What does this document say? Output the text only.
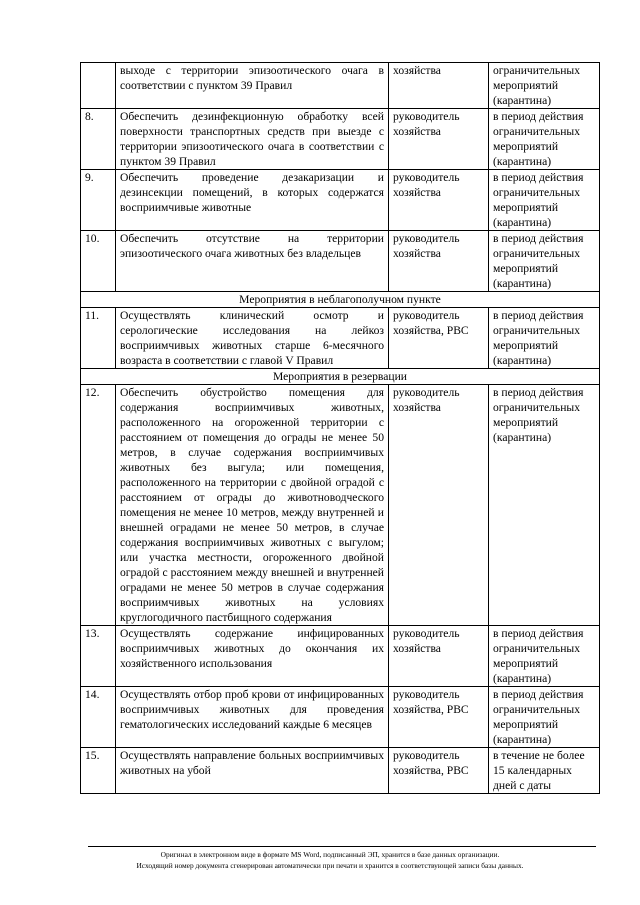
	выходе с территории эпизоотического очага в соответствии с пунктом 39 Правил	хозяйства	ограничительных мероприятий (карантина)
8.	Обеспечить дезинфекционную обработку всей поверхности транспортных средств при выезде с территории эпизоотического очага в соответствии с пунктом 39 Правил	руководитель хозяйства	в период действия ограничительных мероприятий (карантина)
9.	Обеспечить проведение дезакаризации и дезинсекции помещений, в которых содержатся восприимчивые животные	руководитель хозяйства	в период действия ограничительных мероприятий (карантина)
10.	Обеспечить отсутствие на территории эпизоотического очага животных без владельцев	руководитель хозяйства	в период действия ограничительных мероприятий (карантина)
Мероприятия в неблагополучном пункте			
11.	Осуществлять клинический осмотр и серологические исследования на лейкоз восприимчивых животных старше 6-месячного возраста в соответствии с главой V Правил	руководитель хозяйства, РВС	в период действия ограничительных мероприятий (карантина)
Мероприятия в резервации			
12.	Обеспечить обустройство помещения для содержания восприимчивых животных, расположенного на огороженной территории с расстоянием от помещения до ограды не менее 50 метров, в случае содержания восприимчивых животных без выгула; или помещения, расположенного на территории с двойной оградой с расстоянием от ограды до животноводческого помещения не менее 10 метров, между внутренней и внешней оградами не менее 50 метров, в случае содержания восприимчивых животных с выгулом; или участка местности, огороженного двойной оградой с расстоянием между внешней и внутренней оградами не менее 50 метров в случае содержания восприимчивых животных на условиях круглогодичного пастбищного содержания	руководитель хозяйства	в период действия ограничительных мероприятий (карантина)
13.	Осуществлять содержание инфицированных восприимчивых животных до окончания их хозяйственного использования	руководитель хозяйства	в период действия ограничительных мероприятий (карантина)
14.	Осуществлять отбор проб крови от инфицированных восприимчивых животных для проведения гематологических исследований каждые 6 месяцев	руководитель хозяйства, РВС	в период действия ограничительных мероприятий (карантина)
15.	Осуществлять направление больных восприимчивых животных на убой	руководитель хозяйства, РВС	в течение не более 15 календарных дней с даты
Оригинал в электронном виде в формате MS Word, подписанный ЭП, хранится в базе данных организации.
Исходящий номер документа сгенерирован автоматически при печати и хранится в соответствующей записи базы данных.
